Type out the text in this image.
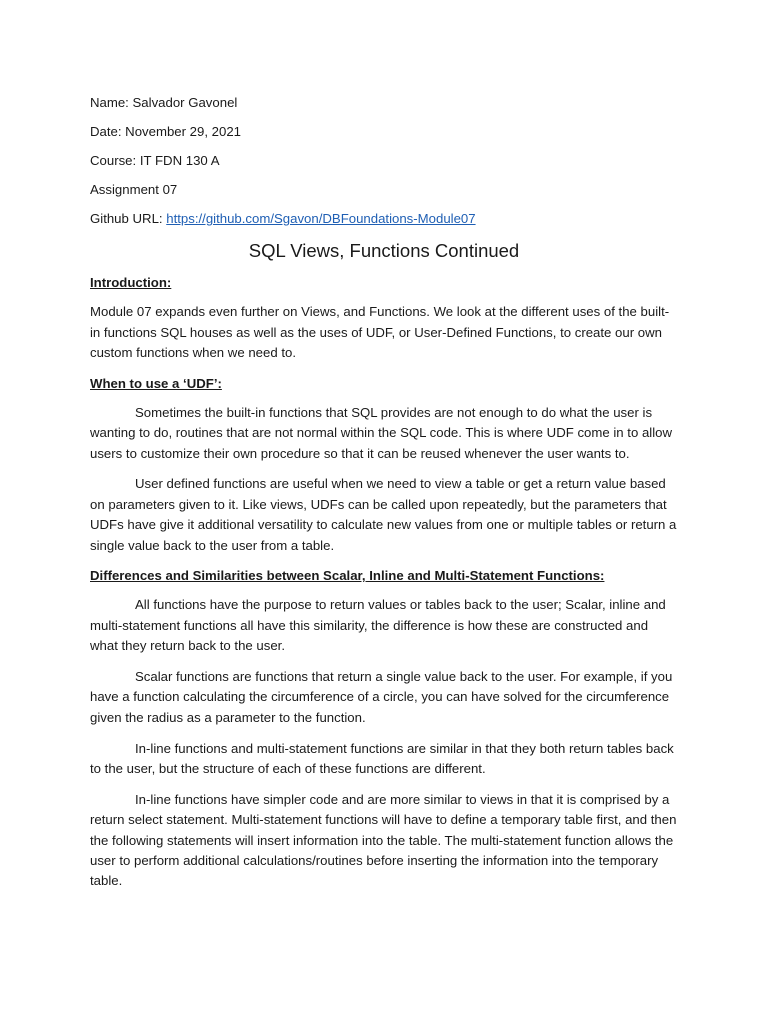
Name: Salvador Gavonel
Date: November 29, 2021
Course: IT FDN 130 A
Assignment 07
Github URL: https://github.com/Sgavon/DBFoundations-Module07
SQL Views, Functions Continued
Introduction:

Module 07 expands even further on Views, and Functions. We look at the different uses of the built-in functions SQL houses as well as the uses of UDF, or User-Defined Functions, to create our own custom functions when we need to.

When to use a ‘UDF’:

Sometimes the built-in functions that SQL provides are not enough to do what the user is wanting to do, routines that are not normal within the SQL code. This is where UDF come in to allow users to customize their own procedure so that it can be reused whenever the user wants to.

User defined functions are useful when we need to view a table or get a return value based on parameters given to it. Like views, UDFs can be called upon repeatedly, but the parameters that UDFs have give it additional versatility to calculate new values from one or multiple tables or return a single value back to the user from a table.

Differences and Similarities between Scalar, Inline and Multi-Statement Functions:

All functions have the purpose to return values or tables back to the user; Scalar, inline and multi-statement functions all have this similarity, the difference is how these are constructed and what they return back to the user.

Scalar functions are functions that return a single value back to the user. For example, if you have a function calculating the circumference of a circle, you can have solved for the circumference given the radius as a parameter to the function.

In-line functions and multi-statement functions are similar in that they both return tables back to the user, but the structure of each of these functions are different.

In-line functions have simpler code and are more similar to views in that it is comprised by a return select statement. Multi-statement functions will have to define a temporary table first, and then the following statements will insert information into the table. The multi-statement function allows the user to perform additional calculations/routines before inserting the information into the temporary table.
